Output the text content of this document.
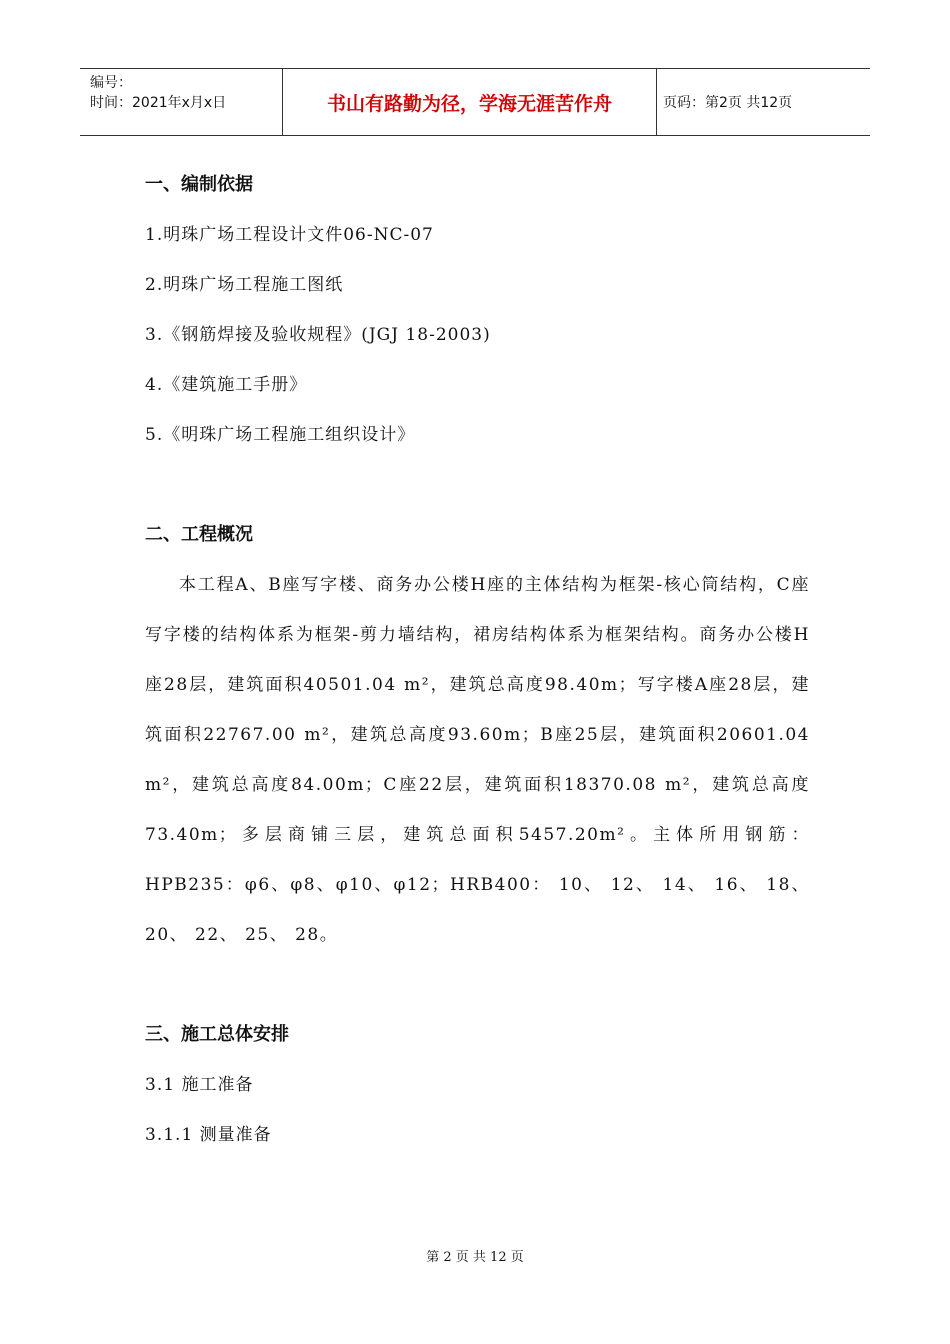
编号：
时间：2021年x月x日	书山有路勤为径，学海无涯苦作舟	页码：第2页 共12页
一、编制依据

1.明珠广场工程设计文件06-NC-07

2.明珠广场工程施工图纸

3.《钢筋焊接及验收规程》(JGJ 18-2003)

4.《建筑施工手册》

5.《明珠广场工程施工组织设计》

二、工程概况

本工程A、B座写字楼、商务办公楼H座的主体结构为框架-核心筒结构，C座写字楼的结构体系为框架-剪力墙结构，裙房结构体系为框架结构。商务办公楼H座28层，建筑面积40501.04 m²，建筑总高度98.40m；写字楼A座28层，建筑面积22767.00 m²，建筑总高度93.60m；B座25层，建筑面积20601.04 m²，建筑总高度84.00m；C座22层，建筑面积18370.08 m²，建筑总高度73.40m；多层商铺三层，建筑总面积5457.20m²。主体所用钢筋：HPB235：φ6、φ8、φ10、φ12；HRB400： 10、 12、 14、 16、 18、 20、 22、 25、 28。

三、施工总体安排

3.1 施工准备

3.1.1 测量准备

第 2 页 共 12 页
